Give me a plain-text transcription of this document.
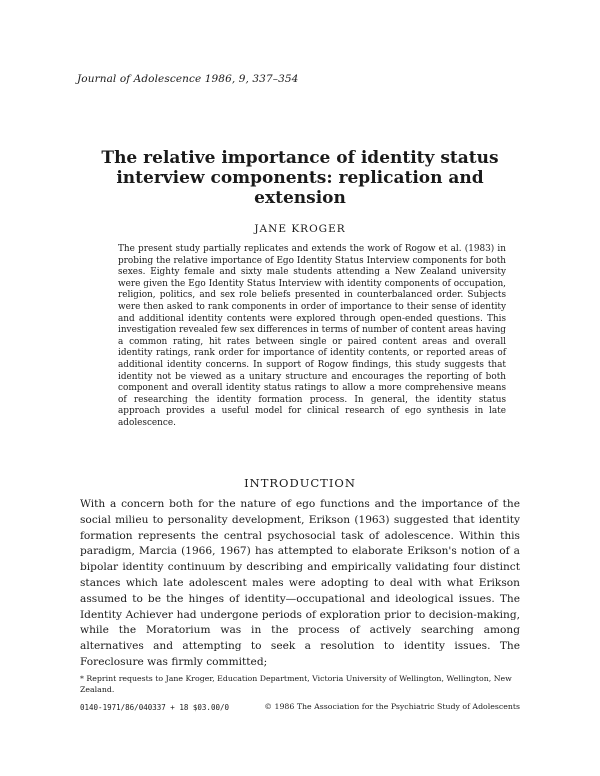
Journal of Adolescence 1986, 9, 337–354
The relative importance of identity status interview components: replication and extension
JANE KROGER

The present study partially replicates and extends the work of Rogow et al. (1983) in probing the relative importance of Ego Identity Status Interview components for both sexes. Eighty female and sixty male students attending a New Zealand university were given the Ego Identity Status Interview with identity components of occupation, religion, politics, and sex role beliefs presented in counterbalanced order. Subjects were then asked to rank components in order of importance to their sense of identity and additional identity contents were explored through open-ended questions. This investigation revealed few sex differences in terms of number of content areas having a common rating, hit rates between single or paired content areas and overall identity ratings, rank order for importance of identity contents, or reported areas of additional identity concerns. In support of Rogow findings, this study suggests that identity not be viewed as a unitary structure and encourages the reporting of both component and overall identity status ratings to allow a more comprehensive means of researching the identity formation process. In general, the identity status approach provides a useful model for clinical research of ego synthesis in late adolescence.

INTRODUCTION

With a concern both for the nature of ego functions and the importance of the social milieu to personality development, Erikson (1963) suggested that identity formation represents the central psychosocial task of adolescence. Within this paradigm, Marcia (1966, 1967) has attempted to elaborate Erikson's notion of a bipolar identity continuum by describing and empirically validating four distinct stances which late adolescent males were adopting to deal with what Erikson assumed to be the hinges of identity—occupational and ideological issues. The Identity Achiever had undergone periods of exploration prior to decision-making, while the Moratorium was in the process of actively searching among alternatives and attempting to seek a resolution to identity issues. The Foreclosure was firmly committed;

* Reprint requests to Jane Kroger, Education Department, Victoria University of Wellington, Wellington, New Zealand.

0140-1971/86/040337 + 18 $03.00/0	© 1986 The Association for the Psychiatric Study of Adolescents
